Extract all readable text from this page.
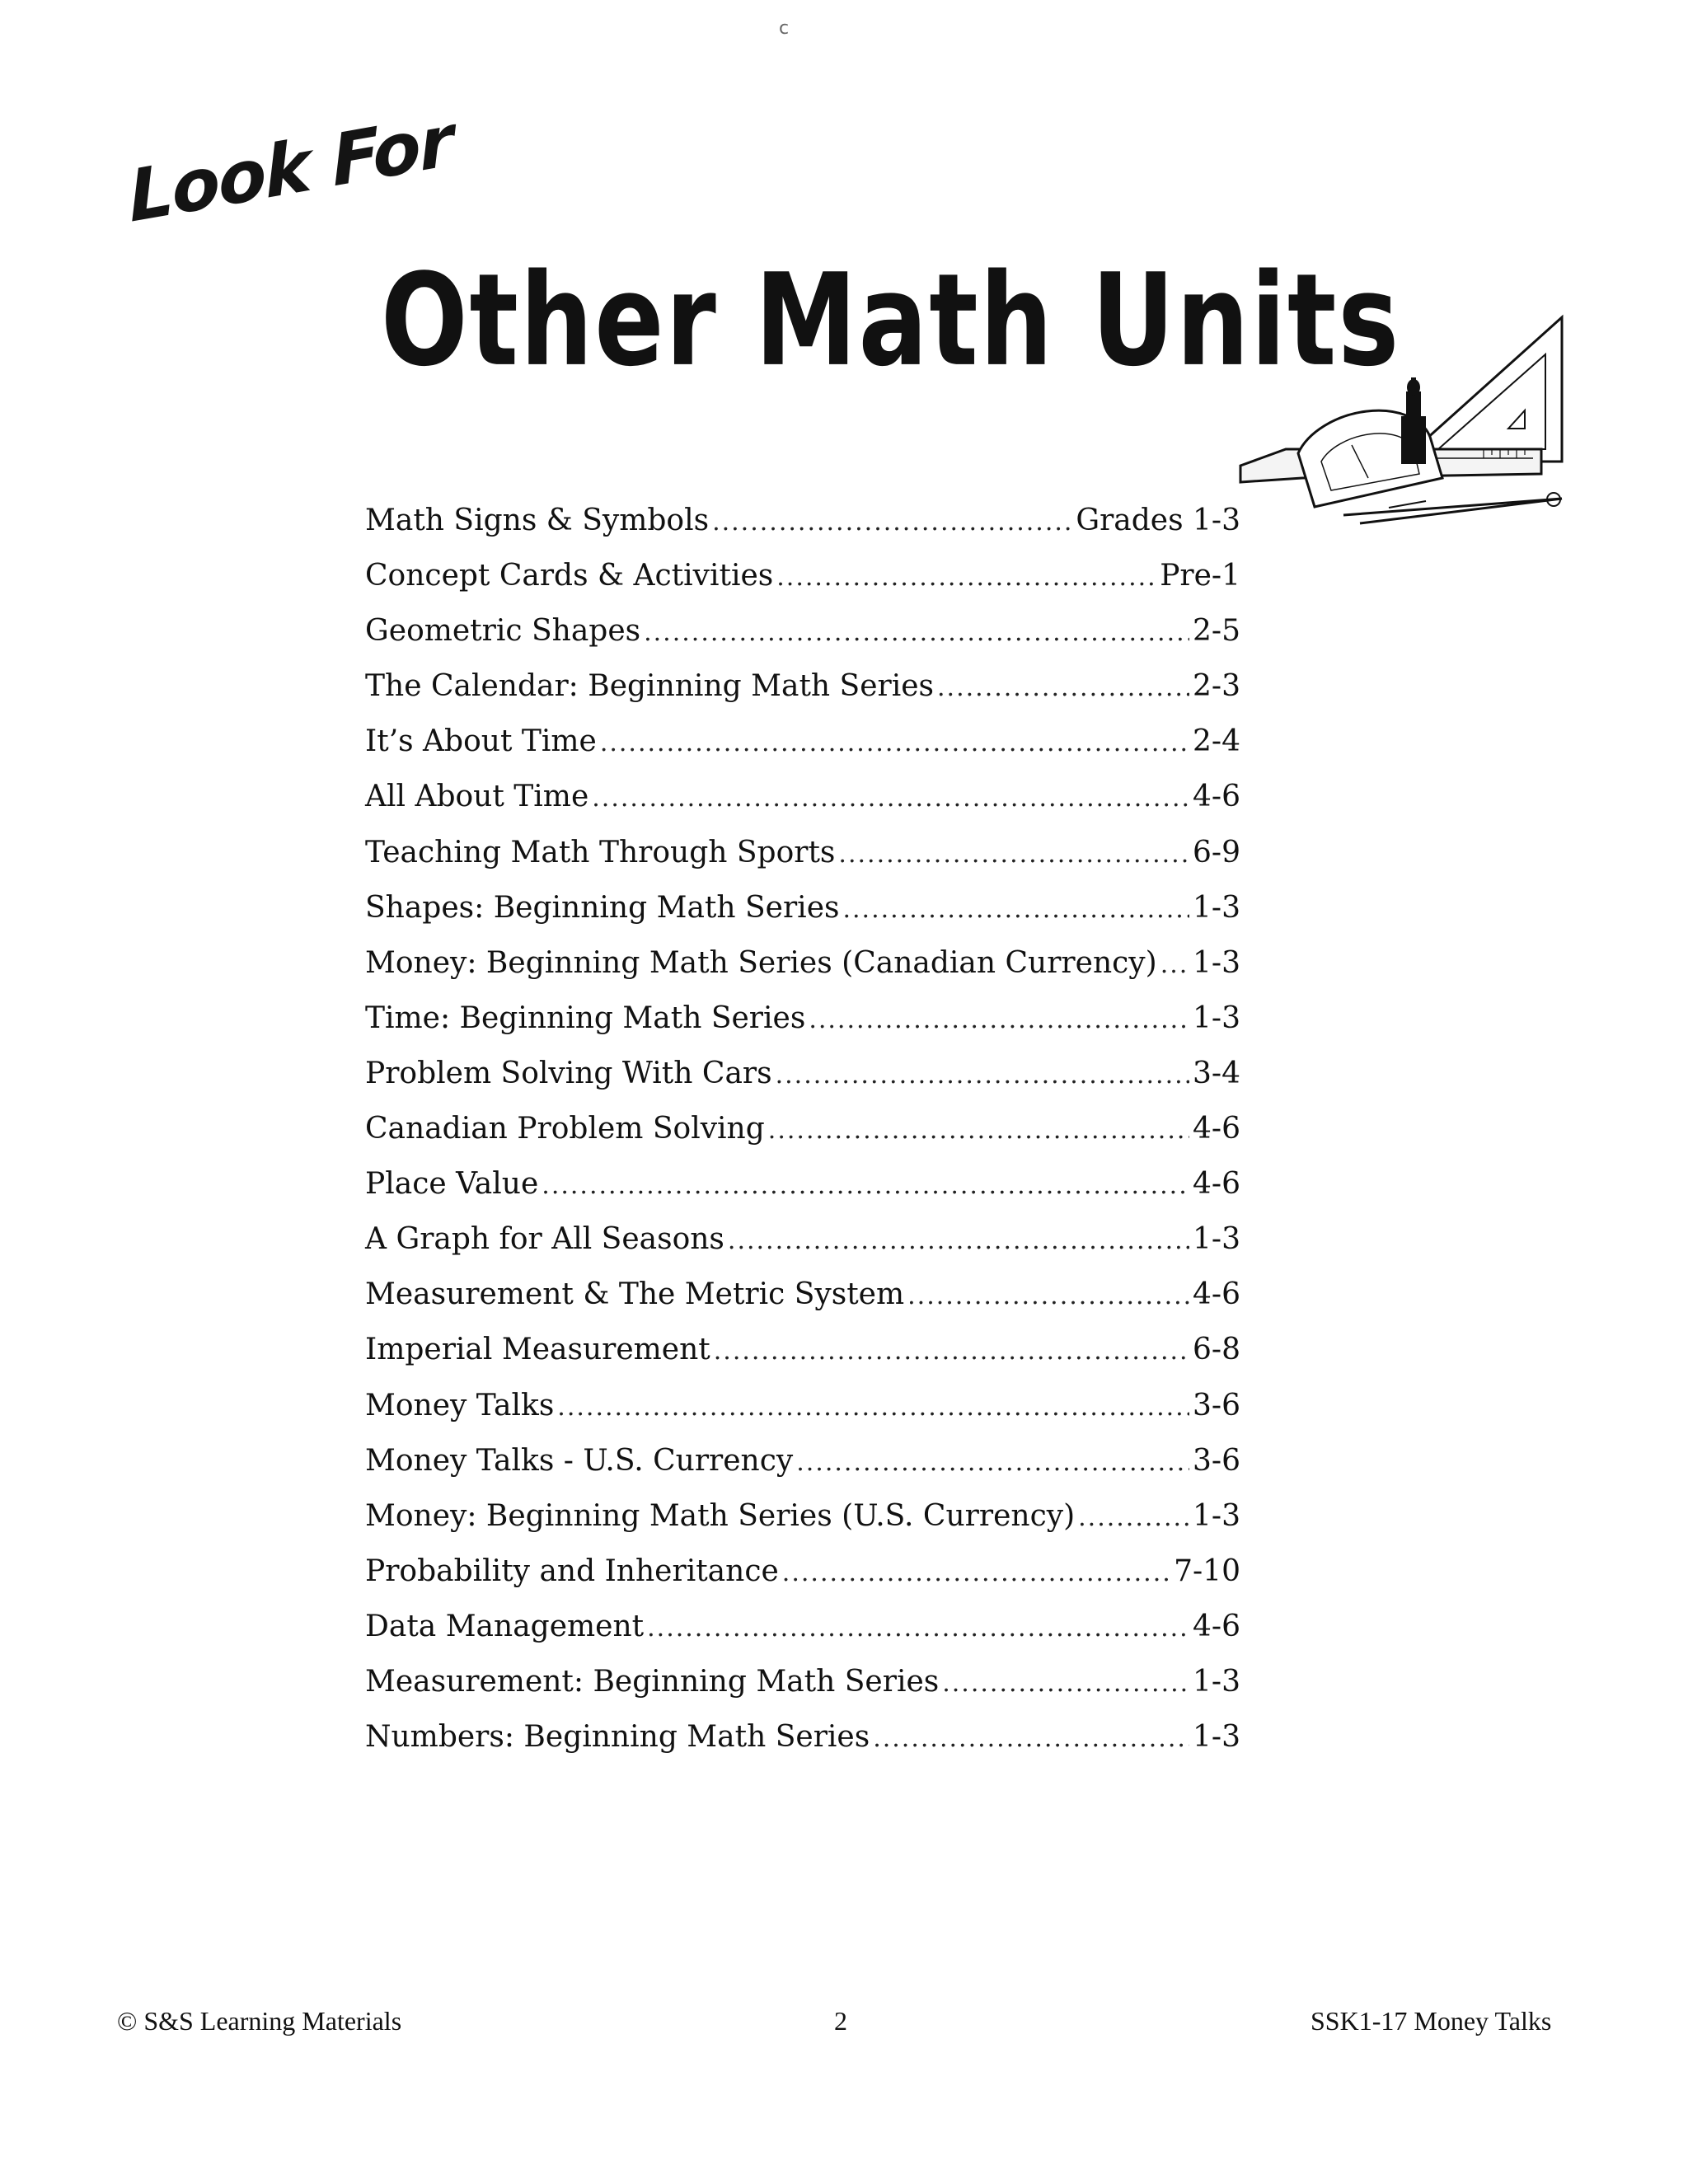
c
Look For
Other Math Units
Math Signs & Symbols .....	Grades 1-3
Concept Cards & Activities .....	Pre-1
Geometric Shapes .....	2-5
The Calendar: Beginning Math Series .....	2-3
It’s About Time .....	2-4
All About Time .....	4-6
Teaching Math Through Sports .....	6-9
Shapes: Beginning Math Series .....	1-3
Money: Beginning Math Series (Canadian Currency) ..... 1-3
Time: Beginning Math Series .....	1-3
Problem Solving With Cars .....	3-4
Canadian Problem Solving .....	4-6
Place Value .....	4-6
A Graph for All Seasons .....	1-3
Measurement & The Metric System .....	4-6
Imperial Measurement .....	6-8
Money Talks .....	3-6
Money Talks - U.S. Currency .....	3-6
Money: Beginning Math Series (U.S. Currency) .....	1-3
Probability and Inheritance .....	7-10
Data Management .....	4-6
Measurement: Beginning Math Series .....	1-3
Numbers: Beginning Math Series .....	1-3
© S&S Learning Materials	2	SSK1-17 Money Talks
